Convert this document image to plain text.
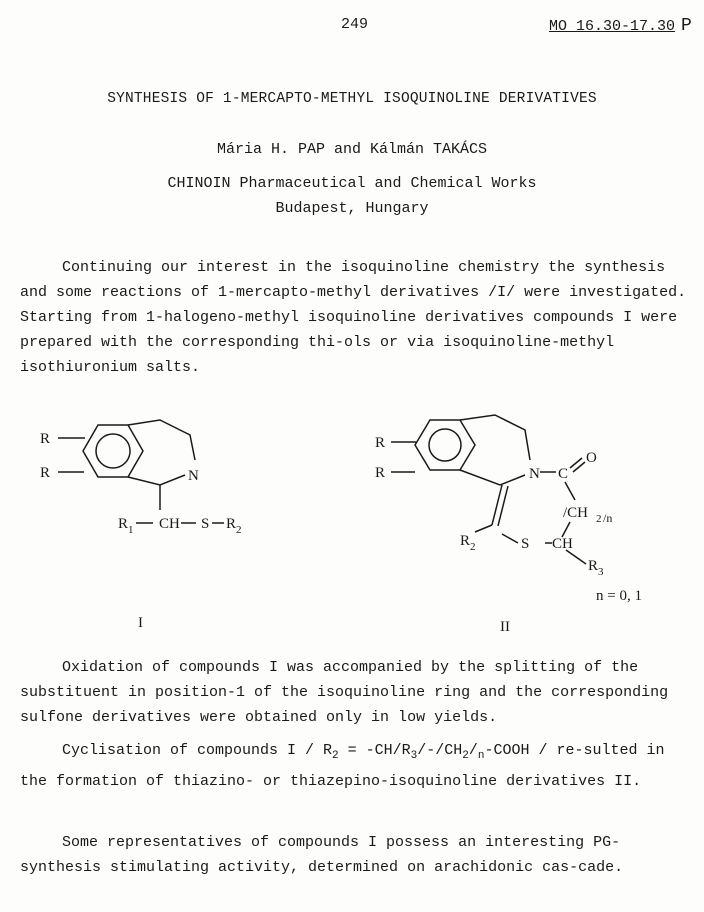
249	MO 16.30-17.30 P
SYNTHESIS OF 1-MERCAPTO-METHYL ISOQUINOLINE DERIVATIVES
Mária H. PAP and Kálmán TAKÁCS
CHINOIN Pharmaceutical and Chemical Works
Budapest, Hungary

Continuing our interest in the isoquinoline chemistry the synthesis and some reactions of 1-mercapto-methyl derivatives /I/ were investigated. Starting from 1-halogeno-methyl isoquinoline derivatives compounds I were prepared with the corresponding thi-ols or via isoquinoline-methyl isothiuronium salts.

R
R	N
R 1 CH S R 2
I
R
R	N C
O
/CH 2 /n
R 2	S CH
R 3
n = 0, 1
II

Oxidation of compounds I was accompanied by the splitting of the substituent in position-1 of the isoquinoline ring and the corresponding sulfone derivatives were obtained only in low yields.

Cyclisation of compounds I / $R_2$ = $-CH/R_3/-/CH_2/_n$-COOH / re-sulted in the formation of thiazino- or thiazepino-isoquinoline derivatives II.

Some representatives of compounds I possess an interesting PG-synthesis stimulating activity, determined on arachidonic cas-cade.
